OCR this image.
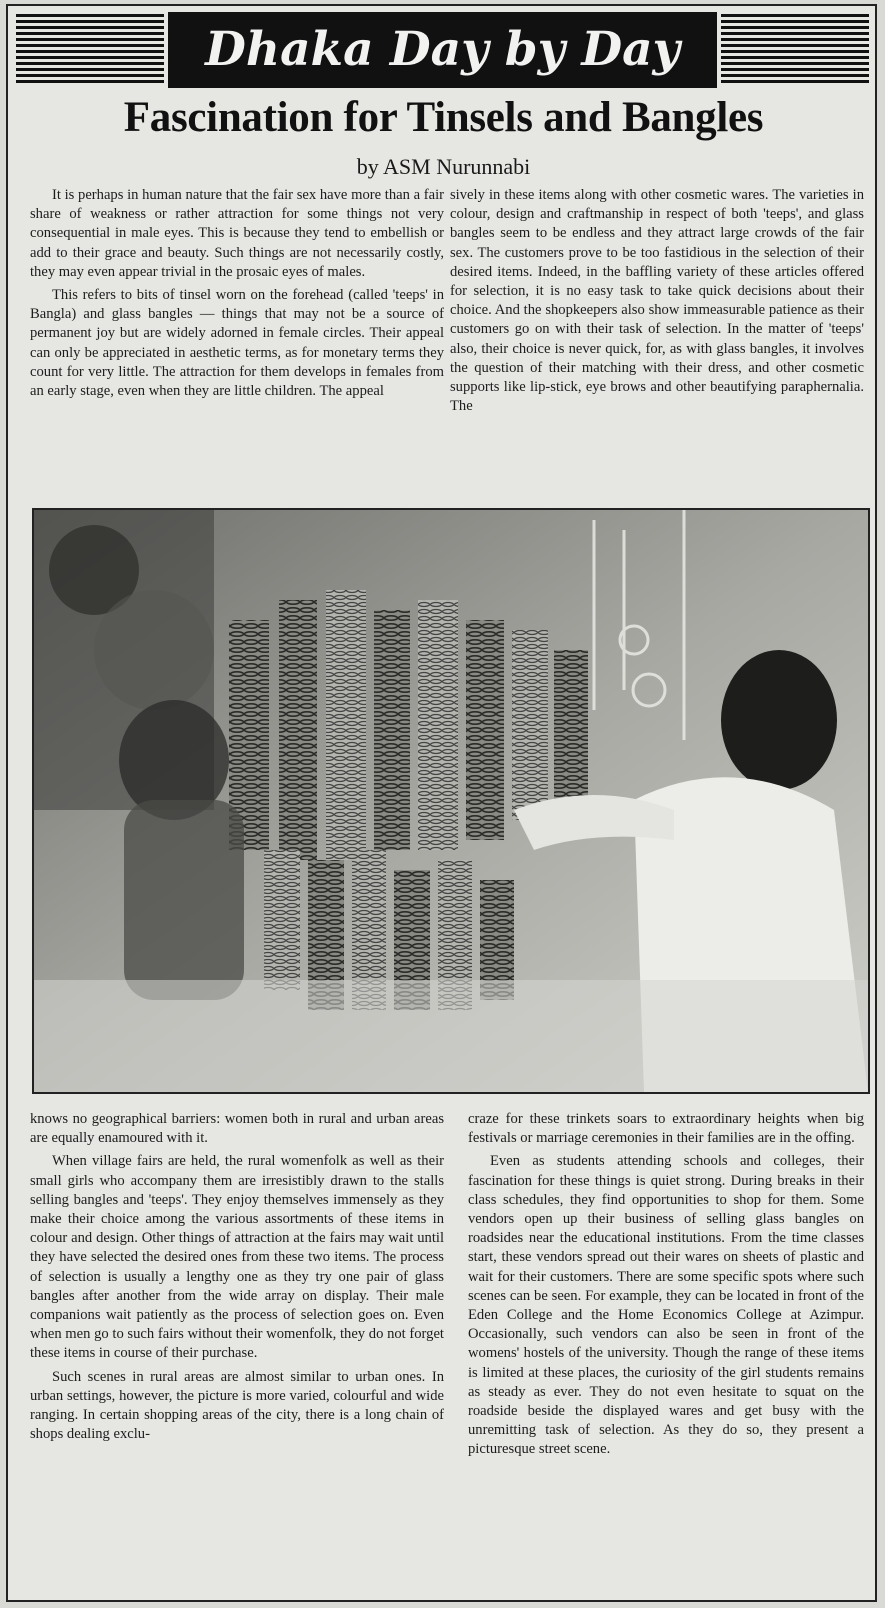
Dhaka Day by Day
Fascination for Tinsels and Bangles
by ASM Nurunnabi

It is perhaps in human nature that the fair sex have more than a fair share of weakness or rather attraction for some things not very consequential in male eyes. This is because they tend to embellish or add to their grace and beauty. Such things are not necessarily costly, they may even appear trivial in the prosaic eyes of males.

This refers to bits of tinsel worn on the forehead (called 'teeps' in Bangla) and glass bangles — things that may not be a source of permanent joy but are widely adorned in female circles. Their appeal can only be appreciated in aesthetic terms, as for monetary terms they count for very little. The attraction for them develops in females from an early stage, even when they are little children. The appeal

sively in these items along with other cosmetic wares. The varieties in colour, design and craftmanship in respect of both 'teeps', and glass bangles seem to be endless and they attract large crowds of the fair sex. The customers prove to be too fastidious in the selection of their desired items. Indeed, in the baffling variety of these articles offered for selection, it is no easy task to take quick decisions about their choice. And the shopkeepers also show immeasurable patience as their customers go on with their task of selection. In the matter of 'teeps' also, their choice is never quick, for, as with glass bangles, it involves the question of their matching with their dress, and other cosmetic supports like lip-stick, eye brows and other beautifying paraphernalia. The

knows no geographical barriers: women both in rural and urban areas are equally enamoured with it.

When village fairs are held, the rural womenfolk as well as their small girls who accompany them are irresistibly drawn to the stalls selling bangles and 'teeps'. They enjoy themselves immensely as they make their choice among the various assortments of these items in colour and design. Other things of attraction at the fairs may wait until they have selected the desired ones from these two items. The process of selection is usually a lengthy one as they try one pair of glass bangles after another from the wide array on display. Their male companions wait patiently as the process of selection goes on. Even when men go to such fairs without their womenfolk, they do not forget these items in course of their purchase.

Such scenes in rural areas are almost similar to urban ones. In urban settings, however, the picture is more varied, colourful and wide ranging. In certain shopping areas of the city, there is a long chain of shops dealing exclu-

craze for these trinkets soars to extraordinary heights when big festivals or marriage ceremonies in their families are in the offing.

Even as students attending schools and colleges, their fascination for these things is quiet strong. During breaks in their class schedules, they find opportunities to shop for them. Some vendors open up their business of selling glass bangles on roadsides near the educational institutions. From the time classes start, these vendors spread out their wares on sheets of plastic and wait for their customers. There are some specific spots where such scenes can be seen. For example, they can be located in front of the Eden College and the Home Economics College at Azimpur. Occasionally, such vendors can also be seen in front of the womens' hostels of the university. Though the range of these items is limited at these places, the curiosity of the girl students remains as steady as ever. They do not even hesitate to squat on the roadside beside the displayed wares and get busy with the unremitting task of selection. As they do so, they present a picturesque street scene.
